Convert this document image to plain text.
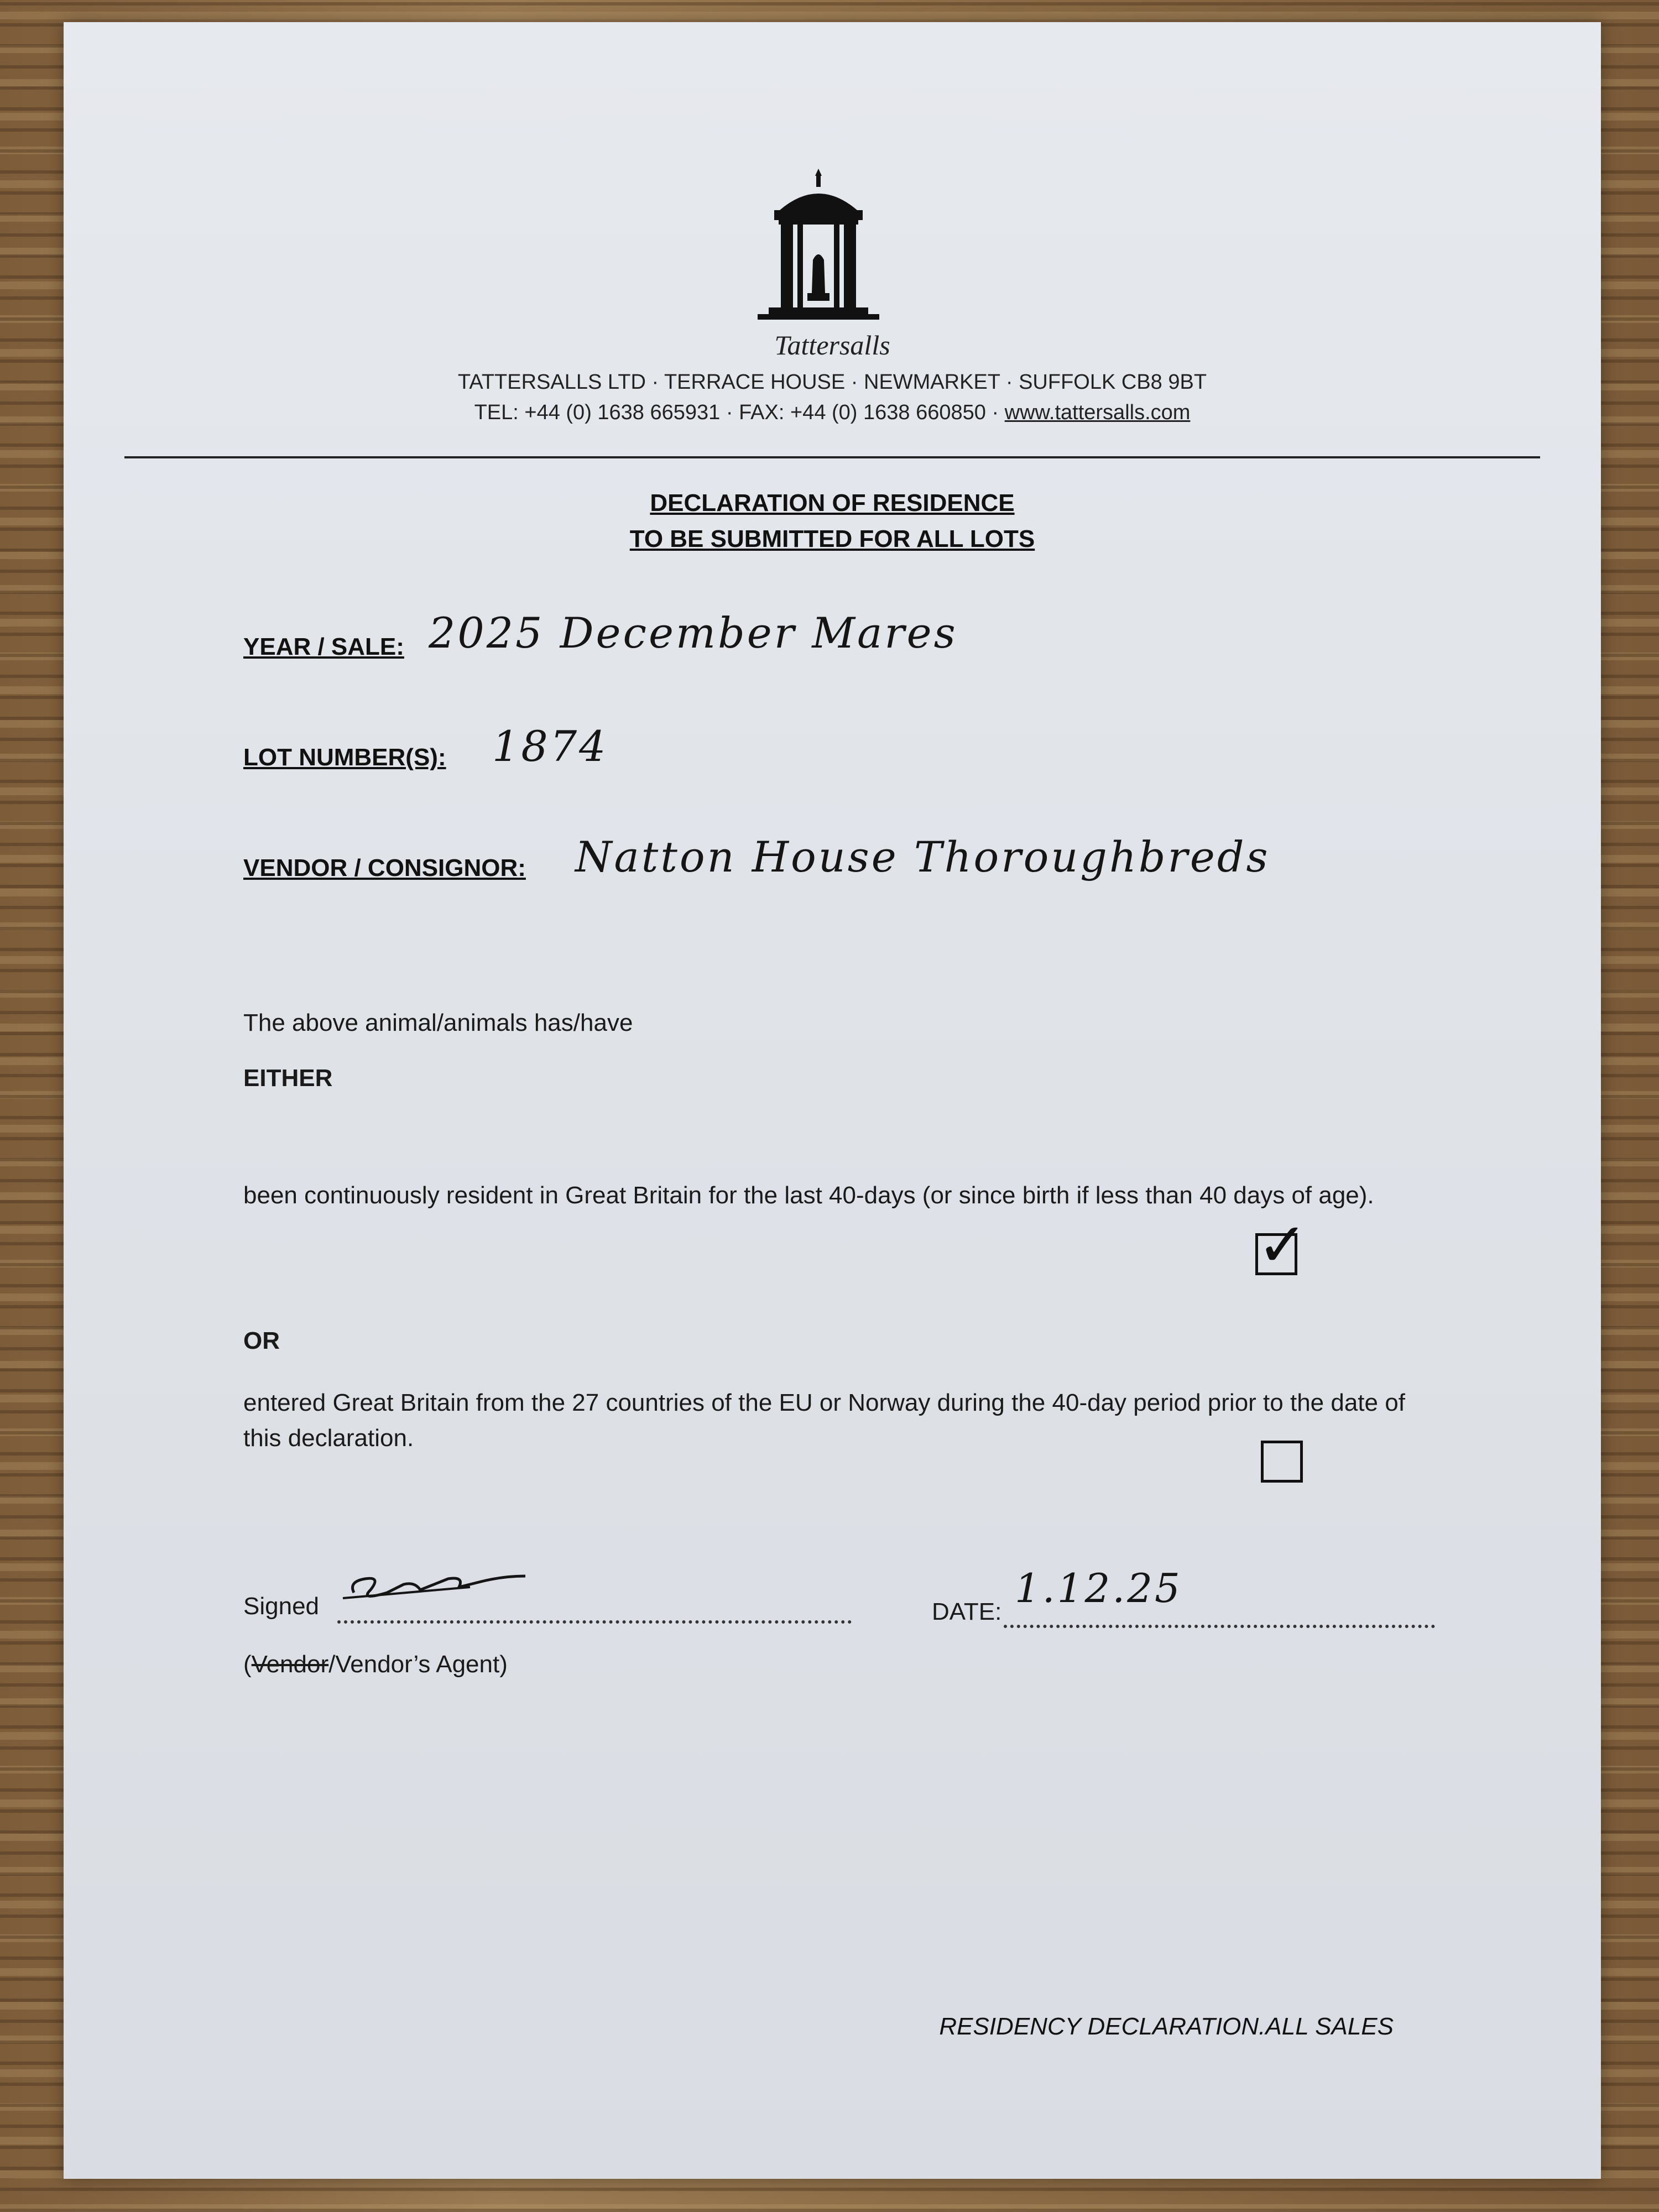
Tattersalls
TATTERSALLS LTD · TERRACE HOUSE · NEWMARKET · SUFFOLK CB8 9BT
TEL: +44 (0) 1638 665931 · FAX: +44 (0) 1638 660850 · www.tattersalls.com
DECLARATION OF RESIDENCE
TO BE SUBMITTED FOR ALL LOTS
YEAR / SALE: 2025 December Mares
LOT NUMBER(S): 1874
VENDOR / CONSIGNOR: Natton House Thoroughbreds
The above animal/animals has/have
EITHER
been continuously resident in Great Britain for the last 40-days (or since birth if less than 40 days of age).
✓
OR
entered Great Britain from the 27 countries of the EU or Norway during the 40-day period prior to the date of this declaration.
Signed
(Vendor/Vendor’s Agent)
DATE:
1.12.25
RESIDENCY DECLARATION.ALL SALES
